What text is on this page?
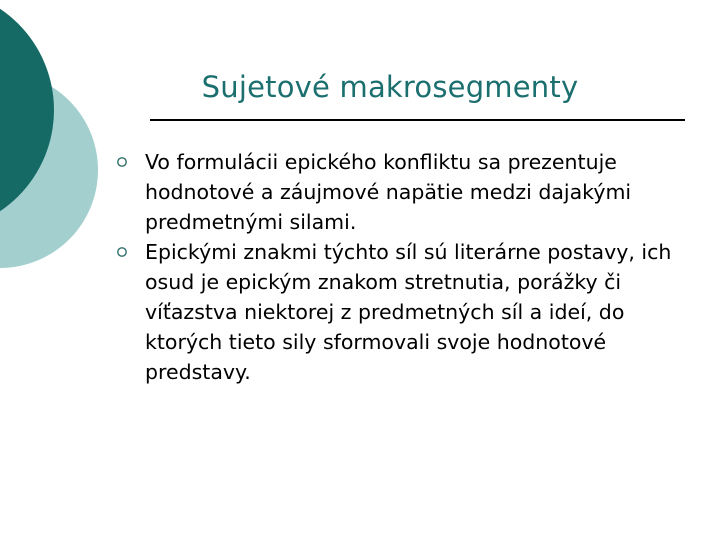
Sujetové makrosegmenty
Vo formulácii epického konfliktu sa prezentuje hodnotové a záujmové napätie medzi dajakými predmetnými silami.
Epickými znakmi týchto síl sú literárne postavy, ich osud je epickým znakom stretnutia, porážky či víťazstva niektorej z predmetných síl a ideí, do ktorých tieto sily sformovali svoje hodnotové predstavy.
